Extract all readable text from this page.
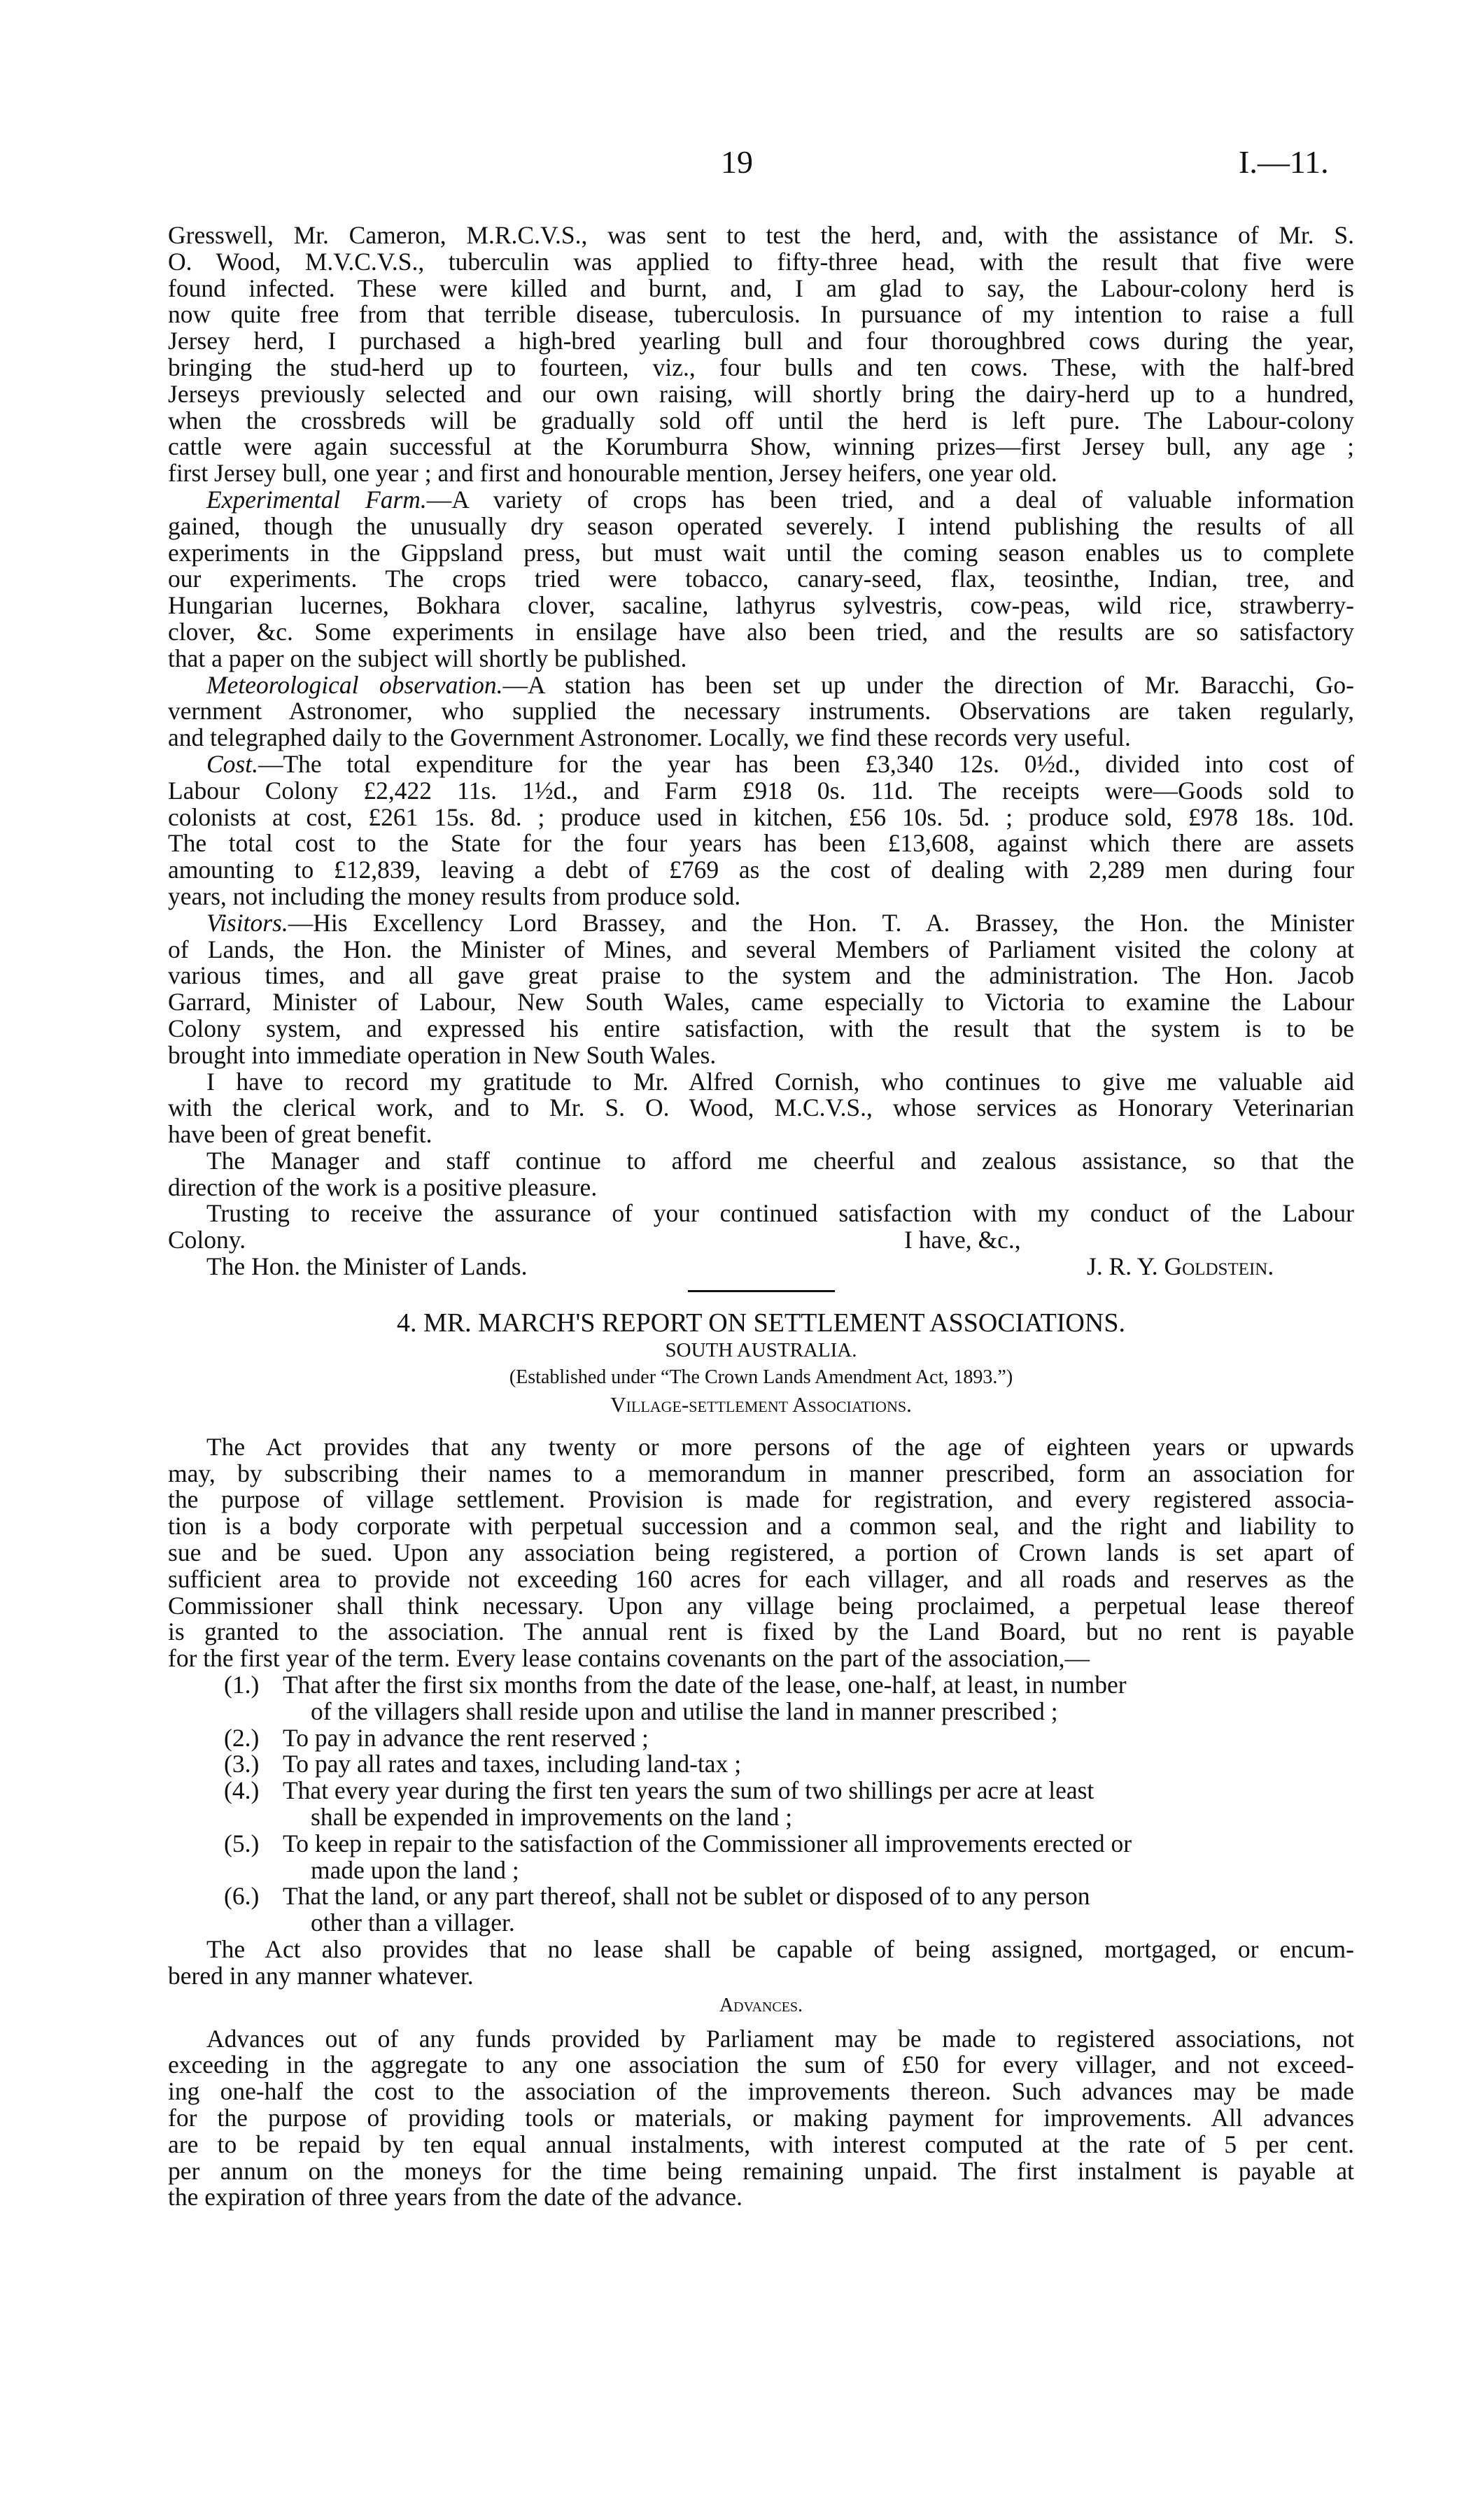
19	I.—11.
Gresswell, Mr. Cameron, M.R.C.V.S., was sent to test the herd, and, with the assistance of Mr. S.
O. Wood, M.V.C.V.S., tuberculin was applied to fifty-three head, with the result that five were
found infected. These were killed and burnt, and, I am glad to say, the Labour-colony herd is
now quite free from that terrible disease, tuberculosis. In pursuance of my intention to raise a full
Jersey herd, I purchased a high-bred yearling bull and four thoroughbred cows during the year,
bringing the stud-herd up to fourteen, viz., four bulls and ten cows. These, with the half-bred
Jerseys previously selected and our own raising, will shortly bring the dairy-herd up to a hundred,
when the crossbreds will be gradually sold off until the herd is left pure. The Labour-colony
cattle were again successful at the Korumburra Show, winning prizes—first Jersey bull, any age ;
first Jersey bull, one year ; and first and honourable mention, Jersey heifers, one year old.
Experimental Farm.—A variety of crops has been tried, and a deal of valuable information
gained, though the unusually dry season operated severely. I intend publishing the results of all
experiments in the Gippsland press, but must wait until the coming season enables us to complete
our experiments. The crops tried were tobacco, canary-seed, flax, teosinthe, Indian, tree, and
Hungarian lucernes, Bokhara clover, sacaline, lathyrus sylvestris, cow-peas, wild rice, strawberry-
clover, &c. Some experiments in ensilage have also been tried, and the results are so satisfactory
that a paper on the subject will shortly be published.
Meteorological observation.—A station has been set up under the direction of Mr. Baracchi, Go-
vernment Astronomer, who supplied the necessary instruments. Observations are taken regularly,
and telegraphed daily to the Government Astronomer. Locally, we find these records very useful.
Cost.—The total expenditure for the year has been £3,340 12s. 0½d., divided into cost of
Labour Colony £2,422 11s. 1½d., and Farm £918 0s. 11d. The receipts were—Goods sold to
colonists at cost, £261 15s. 8d. ; produce used in kitchen, £56 10s. 5d. ; produce sold, £978 18s. 10d.
The total cost to the State for the four years has been £13,608, against which there are assets
amounting to £12,839, leaving a debt of £769 as the cost of dealing with 2,289 men during four
years, not including the money results from produce sold.
Visitors.—His Excellency Lord Brassey, and the Hon. T. A. Brassey, the Hon. the Minister
of Lands, the Hon. the Minister of Mines, and several Members of Parliament visited the colony at
various times, and all gave great praise to the system and the administration. The Hon. Jacob
Garrard, Minister of Labour, New South Wales, came especially to Victoria to examine the Labour
Colony system, and expressed his entire satisfaction, with the result that the system is to be
brought into immediate operation in New South Wales.
I have to record my gratitude to Mr. Alfred Cornish, who continues to give me valuable aid
with the clerical work, and to Mr. S. O. Wood, M.C.V.S., whose services as Honorary Veterinarian
have been of great benefit.
The Manager and staff continue to afford me cheerful and zealous assistance, so that the
direction of the work is a positive pleasure.
Trusting to receive the assurance of your continued satisfaction with my conduct of the Labour
Colony.	I have, &c.,
The Hon. the Minister of Lands.	J. R. Y. Goldstein.
4. MR. MARCH'S REPORT ON SETTLEMENT ASSOCIATIONS.
SOUTH AUSTRALIA.
(Established under “The Crown Lands Amendment Act, 1893.”)
Village-settlement Associations.
The Act provides that any twenty or more persons of the age of eighteen years or upwards
may, by subscribing their names to a memorandum in manner prescribed, form an association for
the purpose of village settlement. Provision is made for registration, and every registered associa-
tion is a body corporate with perpetual succession and a common seal, and the right and liability to
sue and be sued. Upon any association being registered, a portion of Crown lands is set apart of
sufficient area to provide not exceeding 160 acres for each villager, and all roads and reserves as the
Commissioner shall think necessary. Upon any village being proclaimed, a perpetual lease thereof
is granted to the association. The annual rent is fixed by the Land Board, but no rent is payable
for the first year of the term. Every lease contains covenants on the part of the association,—
(1.) That after the first six months from the date of the lease, one-half, at least, in number
of the villagers shall reside upon and utilise the land in manner prescribed ;
(2.) To pay in advance the rent reserved ;
(3.) To pay all rates and taxes, including land-tax ;
(4.) That every year during the first ten years the sum of two shillings per acre at least
shall be expended in improvements on the land ;
(5.) To keep in repair to the satisfaction of the Commissioner all improvements erected or
made upon the land ;
(6.) That the land, or any part thereof, shall not be sublet or disposed of to any person
other than a villager.
The Act also provides that no lease shall be capable of being assigned, mortgaged, or encum-
bered in any manner whatever.
Advances.
Advances out of any funds provided by Parliament may be made to registered associations, not
exceeding in the aggregate to any one association the sum of £50 for every villager, and not exceed-
ing one-half the cost to the association of the improvements thereon. Such advances may be made
for the purpose of providing tools or materials, or making payment for improvements. All advances
are to be repaid by ten equal annual instalments, with interest computed at the rate of 5 per cent.
per annum on the moneys for the time being remaining unpaid. The first instalment is payable at
the expiration of three years from the date of the advance.
